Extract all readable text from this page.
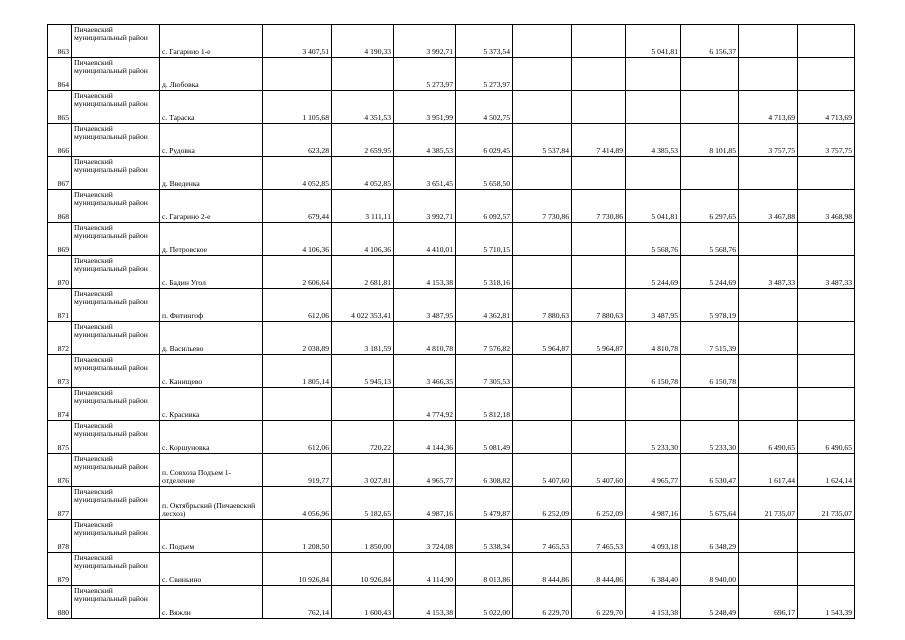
863	Пичаевский муниципальный район	с. Гагарино 1-е	3 407,51	4 190,33	3 992,71	5 373,54			5 041,81	6 156,37		
864	Пичаевский муниципальный район	д. Любовка			5 273,97	5 273,97						
865	Пичаевский муниципальный район	с. Тараска	1 105,68	4 351,53	3 951,99	4 502,75					4 713,69	4 713,69
866	Пичаевский муниципальный район	с. Рудовка	623,28	2 659,95	4 385,53	6 029,45	5 537,84	7 414,89	4 385,53	8 101,85	3 757,75	3 757,75
867	Пичаевский муниципальный район	д. Введенка	4 052,85	4 052,85	3 651,45	5 658,50						
868	Пичаевский муниципальный район	с. Гагарино 2-е	679,44	3 111,11	3 992,71	6 092,57	7 730,86	7 730,86	5 041,81	6 297,65	3 467,88	3 468,98
869	Пичаевский муниципальный район	д. Петровское	4 106,36	4 106,36	4 410,01	5 710,15			5 568,76	5 568,76		
870	Пичаевский муниципальный район	с. Бадин Угол	2 606,64	2 681,81	4 153,38	5 318,16			5 244,69	5 244,69	3 487,33	3 487,33
871	Пичаевский муниципальный район	п. Фитингоф	612,06	4 022 353,41	3 487,95	4 362,81	7 880,63	7 880,63	3 487,95	5 978,19		
872	Пичаевский муниципальный район	д. Васильево	2 038,89	3 181,59	4 810,78	7 576,82	5 964,87	5 964,87	4 810,78	7 515,39		
873	Пичаевский муниципальный район	с. Канищево	1 805,14	5 945,13	3 466,35	7 305,53			6 150,78	6 150,78		
874	Пичаевский муниципальный район	с. Красивка			4 774,92	5 812,18						
875	Пичаевский муниципальный район	с. Коршуновка	612,06	720,22	4 144,36	5 081,49			5 233,30	5 233,30	6 490,65	6 490,65
876	Пичаевский муниципальный район	п. Совхоза Подъем 1-отделение	919,77	3 027,81	4 965,77	6 308,82	5 407,60	5 407,60	4 965,77	6 530,47	1 617,44	1 624,14
877	Пичаевский муниципальный район	п. Октябрьский (Пичаевский лесхоз)	4 056,96	5 182,65	4 987,16	5 479,87	6 252,09	6 252,09	4 987,16	5 675,64	21 735,07	21 735,07
878	Пичаевский муниципальный район	с. Подъем	1 208,50	1 850,00	3 724,08	5 338,34	7 465,53	7 465,53	4 093,18	6 348,29		
879	Пичаевский муниципальный район	с. Свиньино	10 926,84	10 926,84	4 114,90	8 013,86	8 444,86	8 444,86	6 384,40	8 940,00		
880	Пичаевский муниципальный район	с. Вяжли	762,14	1 600,43	4 153,38	5 022,00	6 229,70	6 229,70	4 153,38	5 248,49	696,17	1 543,39
